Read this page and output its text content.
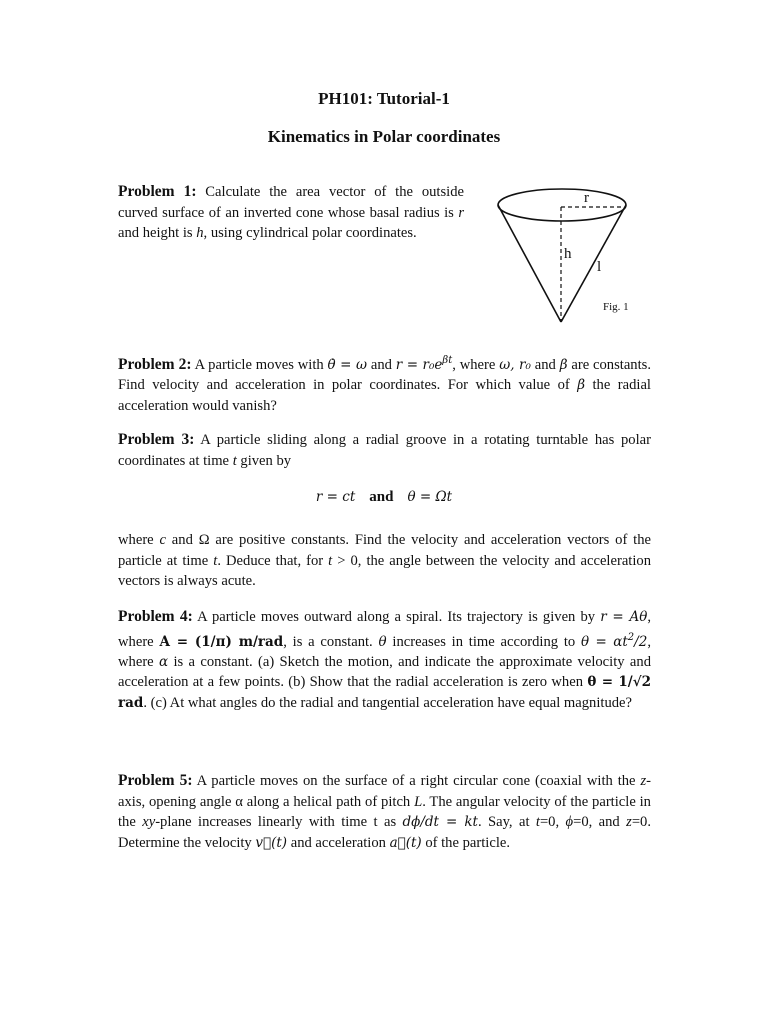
PH101: Tutorial-1
Kinematics in Polar coordinates
Problem 1: Calculate the area vector of the outside curved surface of an inverted cone whose basal radius is r and height is h, using cylindrical polar coordinates.
r
h
l
Fig. 1
Problem 2: A particle moves with θ̇ = ω and $r = r_0e^{\beta t}$, where ω, r₀ and β are constants. Find velocity and acceleration in polar coordinates. For which value of β the radial acceleration would vanish?
Problem 3: A particle sliding along a radial groove in a rotating turntable has polar coordinates at time t given by
r = ct and θ = Ωt
where c and Ω are positive constants. Find the velocity and acceleration vectors of the particle at time t. Deduce that, for t > 0, the angle between the velocity and acceleration vectors is always acute.
Problem 4: A particle moves outward along a spiral. Its trajectory is given by r = Aθ, where A = (1/π) m/rad, is a constant. θ increases in time according to $\theta = \alpha t^2/2$, where α is a constant. (a) Sketch the motion, and indicate the approximate velocity and acceleration at a few points. (b) Show that the radial acceleration is zero when θ = 1/√2 rad. (c) At what angles do the radial and tangential acceleration have equal magnitude?
Problem 5: A particle moves on the surface of a right circular cone (coaxial with the z-axis, opening angle α along a helical path of pitch L. The angular velocity of the particle in the xy-plane increases linearly with time t as dϕ/dt = kt. Say, at t=0, ϕ=0, and z=0. Determine the velocity v⃗(t) and acceleration a⃗(t) of the particle.
